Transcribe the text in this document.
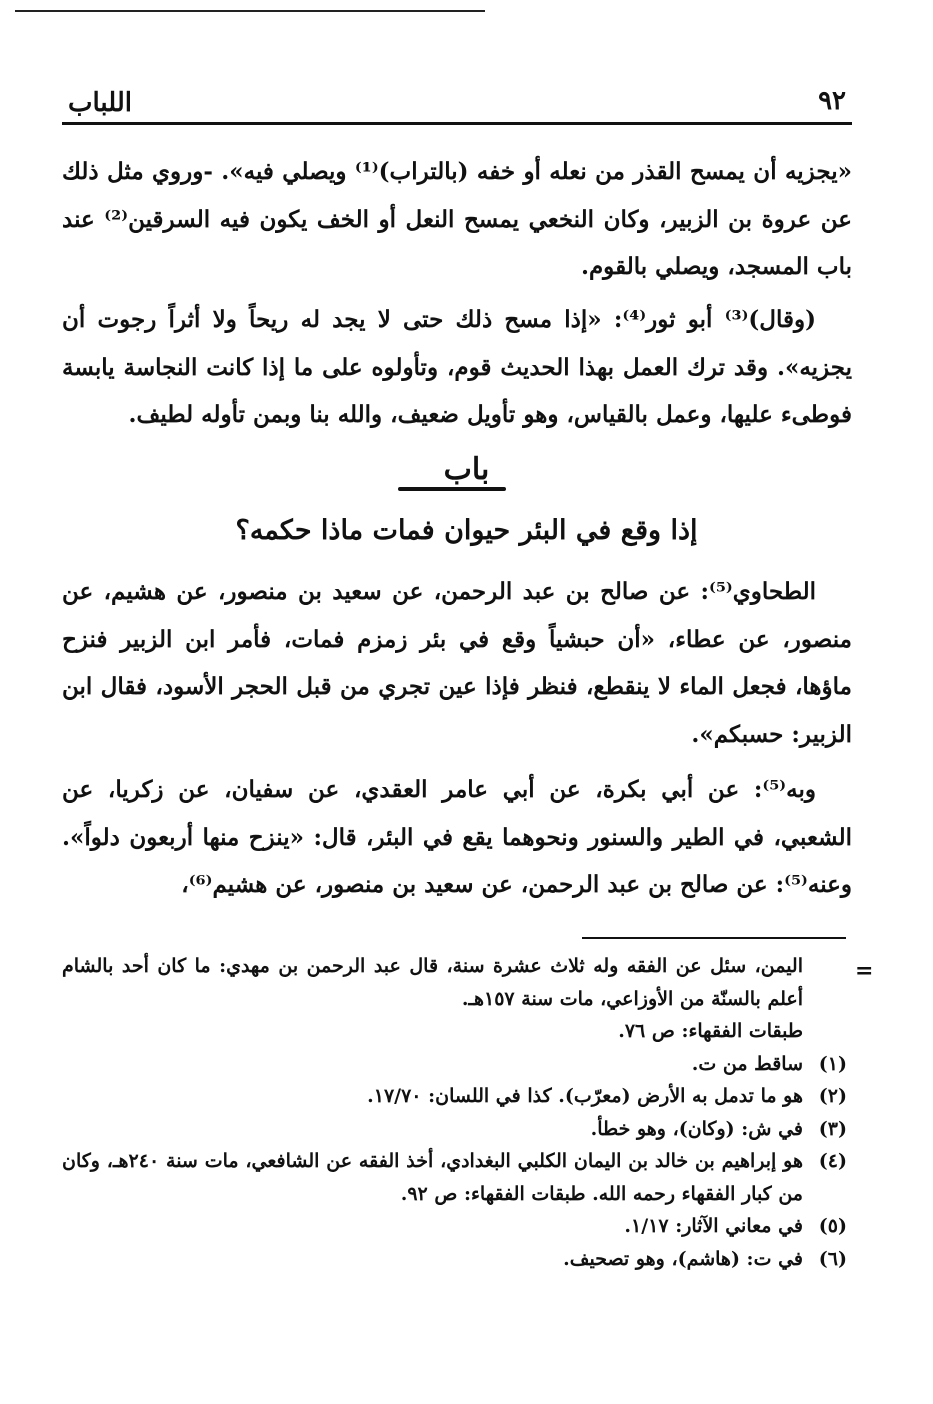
٩٢
اللباب

«يجزيه أن يمسح القذر من نعله أو خفه (بالتراب)⁽¹⁾ ويصلي فيه». -وروي مثل ذلك عن عروة بن الزبير، وكان النخعي يمسح النعل أو الخف يكون فيه السرقين⁽²⁾ عند باب المسجد، ويصلي بالقوم.

(وقال)⁽³⁾ أبو ثور⁽⁴⁾: «إذا مسح ذلك حتى لا يجد له ريحاً ولا أثراً رجوت أن يجزيه». وقد ترك العمل بهذا الحديث قوم، وتأولوه على ما إذا كانت النجاسة يابسة فوطىء عليها، وعمل بالقياس، وهو تأويل ضعيف، والله بنا وبمن تأوله لطيف.

باب
إذا وقع في البئر حيوان فمات ماذا حكمه؟

الطحاوي⁽⁵⁾: عن صالح بن عبد الرحمن، عن سعيد بن منصور، عن هشيم، عن منصور، عن عطاء، «أن حبشياً وقع في بئر زمزم فمات، فأمر ابن الزبير فنزح ماؤها، فجعل الماء لا ينقطع، فنظر فإذا عين تجري من قبل الحجر الأسود، فقال ابن الزبير: حسبكم».

وبه⁽⁵⁾: عن أبي بكرة، عن أبي عامر العقدي، عن سفيان، عن زكريا، عن الشعبي، في الطير والسنور ونحوهما يقع في البئر، قال: «ينزح منها أربعون دلواً». وعنه⁽⁵⁾: عن صالح بن عبد الرحمن، عن سعيد بن منصور، عن هشيم⁽⁶⁾،

=
اليمن، سئل عن الفقه وله ثلاث عشرة سنة، قال عبد الرحمن بن مهدي: ما كان أحد بالشام أعلم بالسنّة من الأوزاعي، مات سنة ١٥٧هـ.
طبقات الفقهاء: ص ٧٦.
(١)
ساقط من ت.
(٢)
هو ما تدمل به الأرض (معرّب). كذا في اللسان: ١٧/٧٠.
(٣)
في ش: (وكان)، وهو خطأ.
(٤)
هو إبراهيم بن خالد بن اليمان الكلبي البغدادي، أخذ الفقه عن الشافعي، مات سنة ٢٤٠هـ، وكان من كبار الفقهاء رحمه الله. طبقات الفقهاء: ص ٩٢.
(٥)
في معاني الآثار: ١/١٧.
(٦)
في ت: (هاشم)، وهو تصحيف.
